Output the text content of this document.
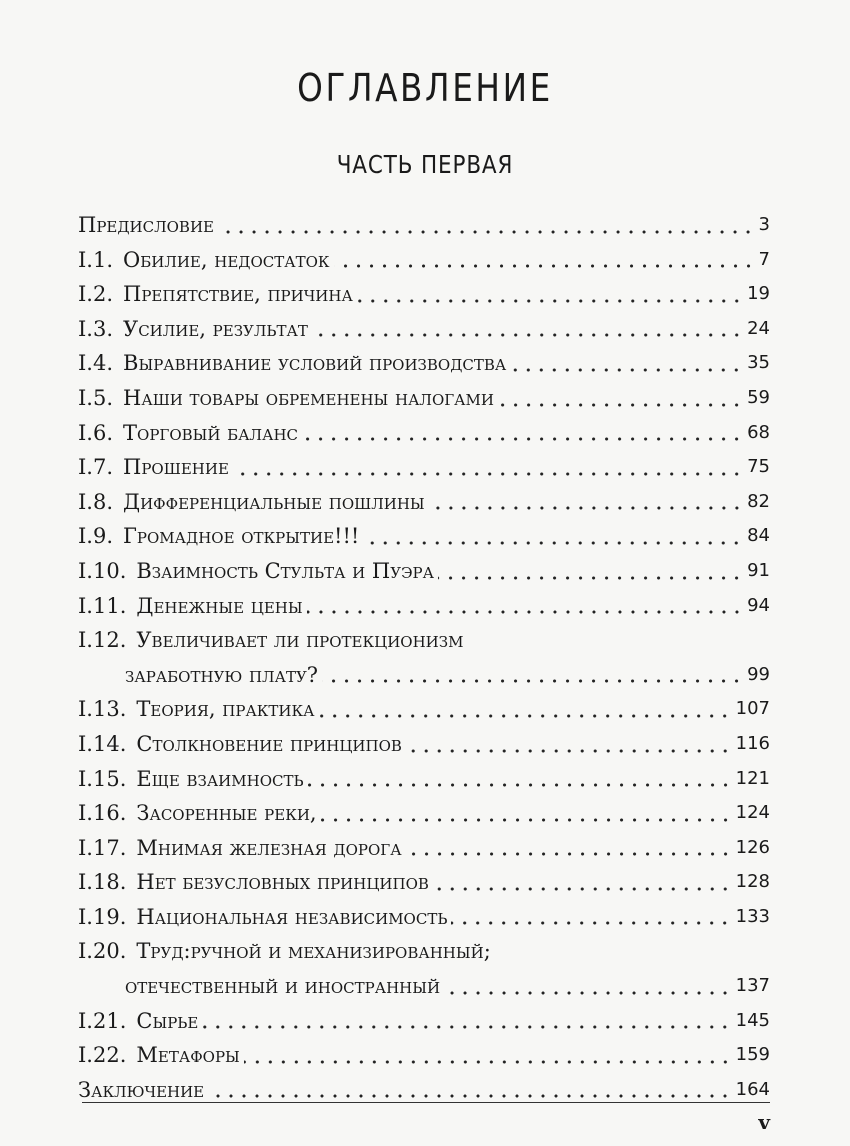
ОГЛАВЛЕНИЕ
ЧАСТЬ ПЕРВАЯ
Предисловие	3
I.1. Обилие, недостаток	7
I.2. Препятствие, причина	19
I.3. Усилие, результат	24
I.4. Выравнивание условий производства	35
I.5. Наши товары обременены налогами	59
I.6. Торговый баланс	68
I.7. Прошение	75
I.8. Дифференциальные пошлины	82
I.9. Громадное открытие!!!	84
I.10. Взаимность Стульта и Пуэра	91
I.11. Денежные цены	94
I.12. Увеличивает ли протекционизм
заработную плату?	99
I.13. Теория, практика	107
I.14. Столкновение принципов	116
I.15. Еще взаимность	121
I.16. Засоренные реки,	124
I.17. Мнимая железная дорога	126
I.18. Нет безусловных принципов	128
I.19. Национальная независимость	133
I.20. Труд:ручной и механизированный;
отечественный и иностранный	137
I.21. Сырье	145
I.22. Метафоры	159
Заключение	164
v
